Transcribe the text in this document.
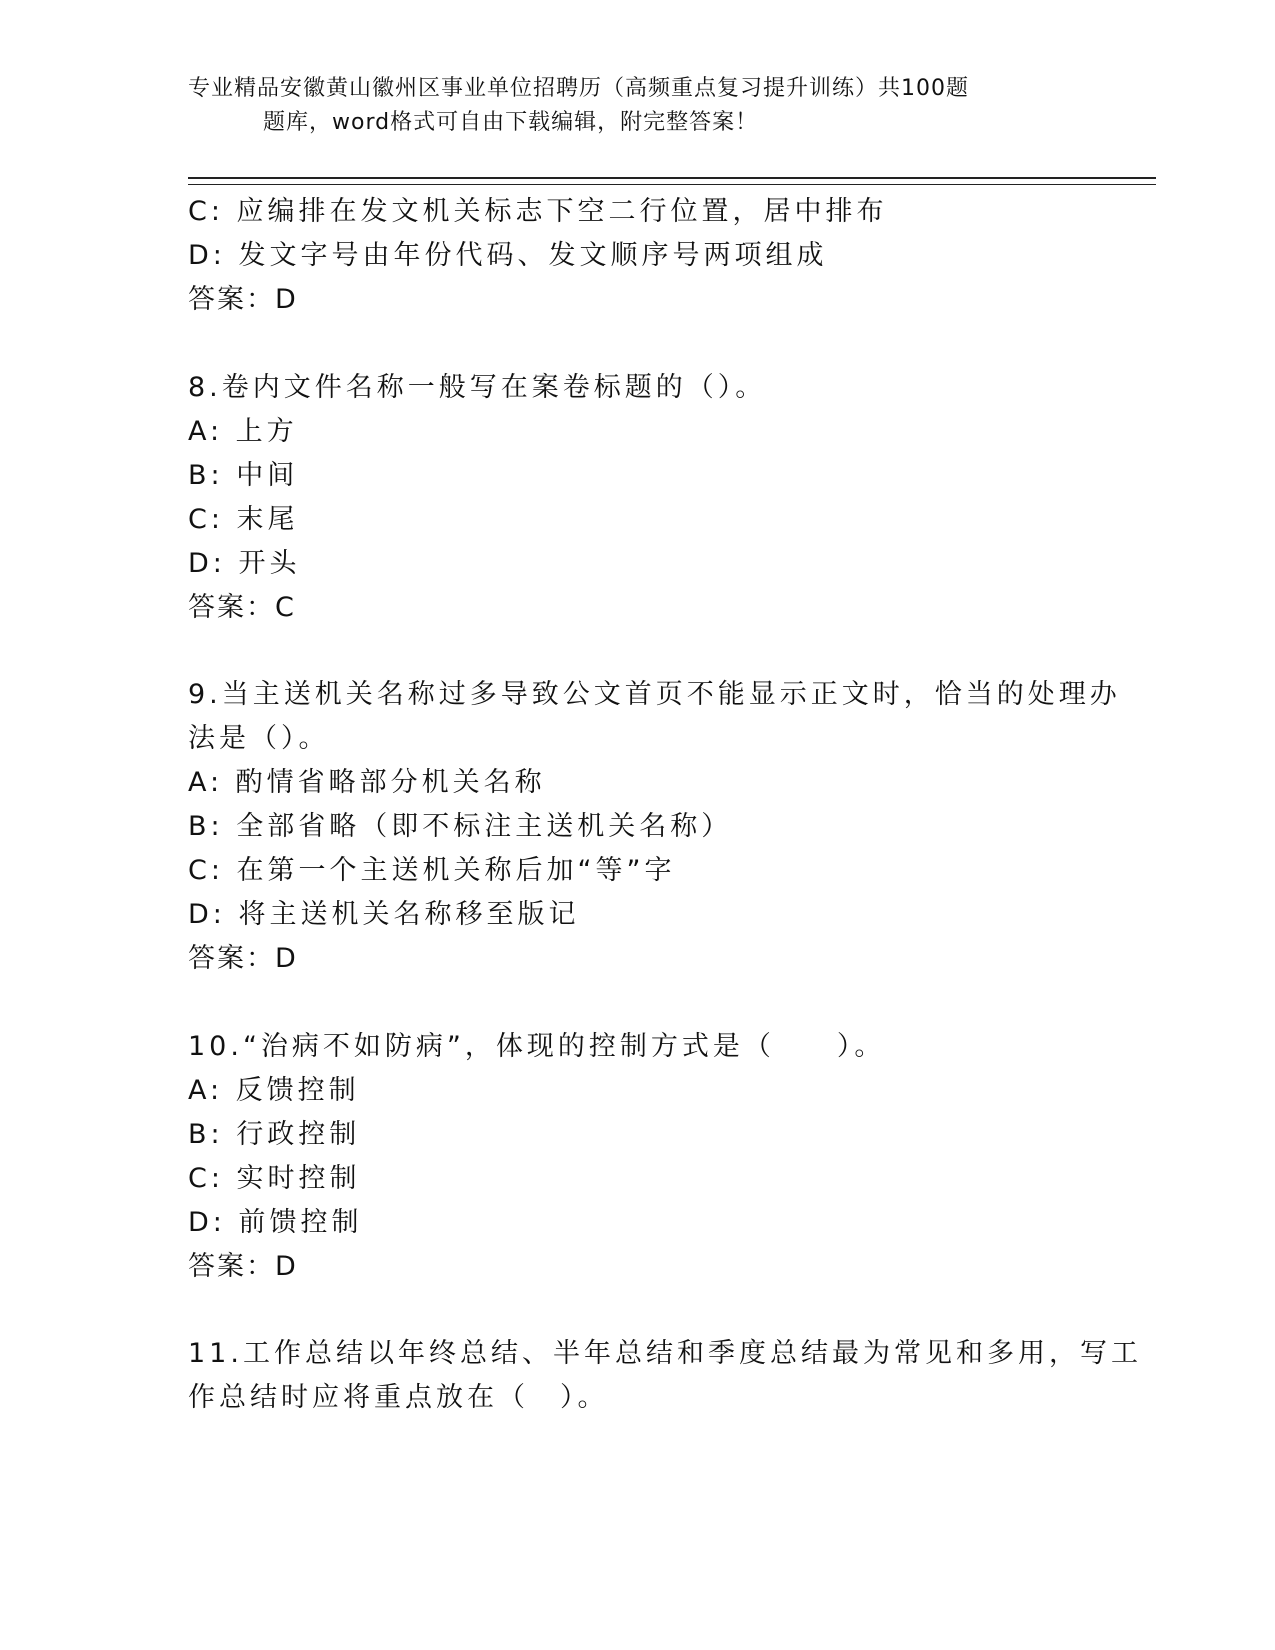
专业精品安徽黄山徽州区事业单位招聘历（高频重点复习提升训练）共100题
题库，word格式可自由下载编辑，附完整答案！
C: 应编排在发文机关标志下空二行位置，居中排布
D: 发文字号由年份代码、发文顺序号两项组成
答案：D
8.卷内文件名称一般写在案卷标题的（）。
A: 上方
B: 中间
C: 末尾
D: 开头
答案：C
9.当主送机关名称过多导致公文首页不能显示正文时，恰当的处理办
法是（）。
A: 酌情省略部分机关名称
B: 全部省略（即不标注主送机关名称）
C: 在第一个主送机关称后加“等”字
D: 将主送机关名称移至版记
答案：D
10.“治病不如防病”，体现的控制方式是（　　）。
A: 反馈控制
B: 行政控制
C: 实时控制
D: 前馈控制
答案：D
11.工作总结以年终总结、半年总结和季度总结最为常见和多用，写工
作总结时应将重点放在（　）。
